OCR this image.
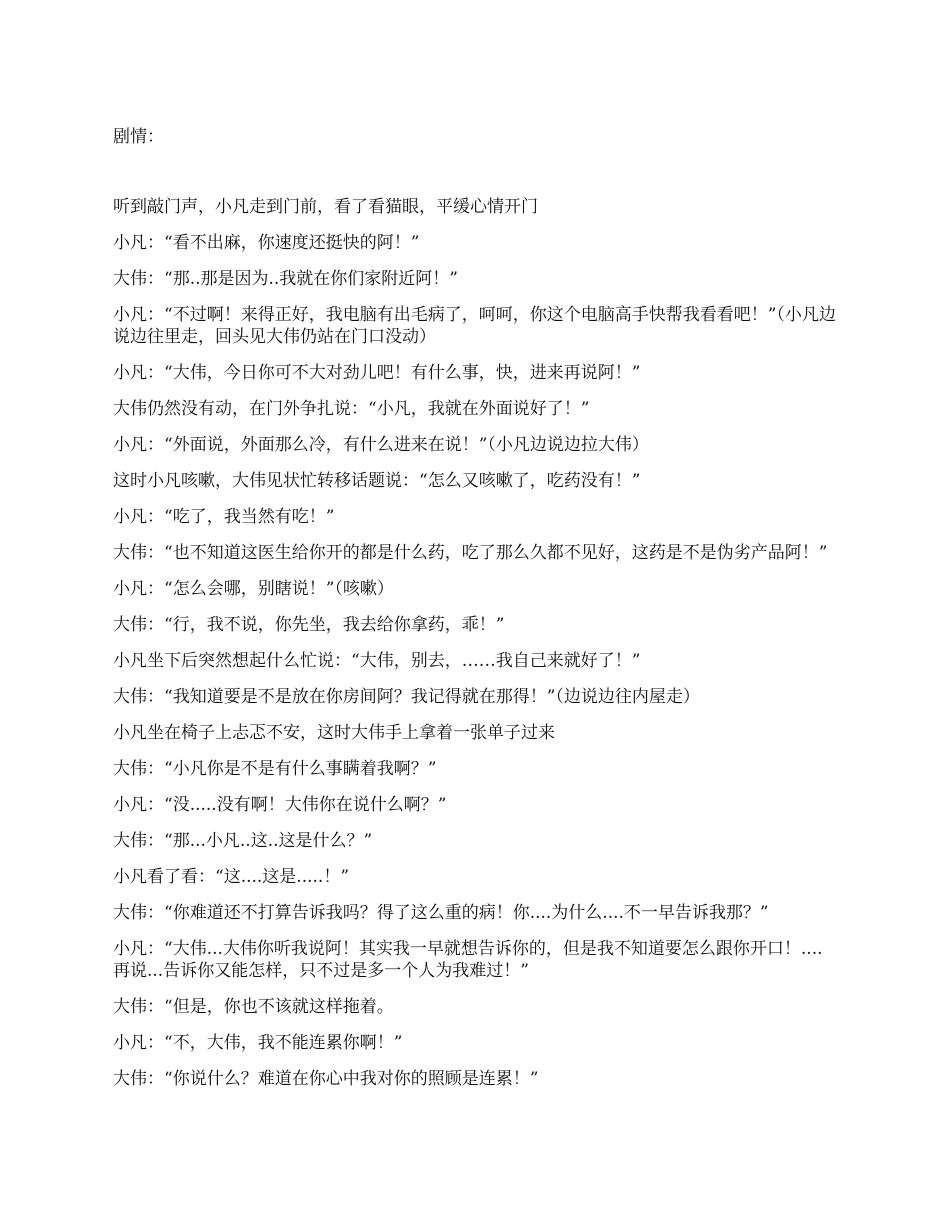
剧情：

听到敲门声，小凡走到门前，看了看猫眼，平缓心情开门

小凡：“看不出麻，你速度还挺快的阿！”

大伟：“那..那是因为..我就在你们家附近阿！”

小凡：“不过啊！来得正好，我电脑有出毛病了，呵呵，你这个电脑高手快帮我看看吧！”（小凡边说边往里走，回头见大伟仍站在门口没动）

小凡：“大伟，今日你可不大对劲儿吧！有什么事，快，进来再说阿！”

大伟仍然没有动，在门外争扎说：“小凡，我就在外面说好了！”

小凡：“外面说，外面那么冷，有什么进来在说！”（小凡边说边拉大伟）

这时小凡咳嗽，大伟见状忙转移话题说：“怎么又咳嗽了，吃药没有！”

小凡：“吃了，我当然有吃！”

大伟：“也不知道这医生给你开的都是什么药，吃了那么久都不见好，这药是不是伪劣产品阿！”

小凡：“怎么会哪，别瞎说！”（咳嗽）

大伟：“行，我不说，你先坐，我去给你拿药，乖！”

小凡坐下后突然想起什么忙说：“大伟，别去，……我自己来就好了！”

大伟：“我知道要是不是放在你房间阿？我记得就在那得！”（边说边往内屋走）

小凡坐在椅子上忐忑不安，这时大伟手上拿着一张单子过来

大伟：“小凡你是不是有什么事瞒着我啊？”

小凡：“没.....没有啊！大伟你在说什么啊？”

大伟：“那...小凡..这..这是什么？”

小凡看了看：“这....这是.....！”

大伟：“你难道还不打算告诉我吗？得了这么重的病！你....为什么....不一早告诉我那？”

小凡：“大伟...大伟你听我说阿！其实我一早就想告诉你的，但是我不知道要怎么跟你开口！....再说...告诉你又能怎样，只不过是多一个人为我难过！”

大伟：“但是，你也不该就这样拖着。

小凡：“不，大伟，我不能连累你啊！”

大伟：“你说什么？难道在你心中我对你的照顾是连累！”
